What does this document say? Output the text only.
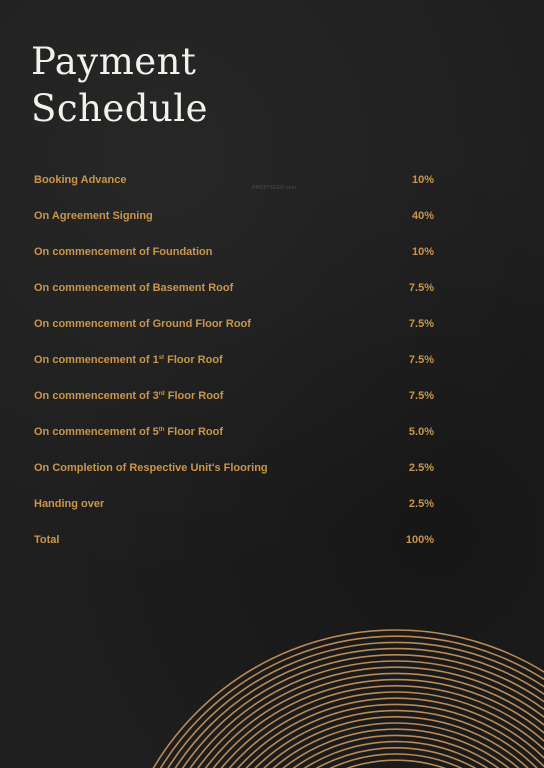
Payment
Schedule
PROPTIGER.com
Booking Advance	10%
On Agreement Signing	40%
On commencement of Foundation	10%
On commencement of Basement Roof	7.5%
On commencement of Ground Floor Roof	7.5%
On commencement of 1st Floor Roof	7.5%
On commencement of 3rd Floor Roof	7.5%
On commencement of 5th Floor Roof	5.0%
On Completion of Respective Unit's Flooring	2.5%
Handing over	2.5%
Total	100%
